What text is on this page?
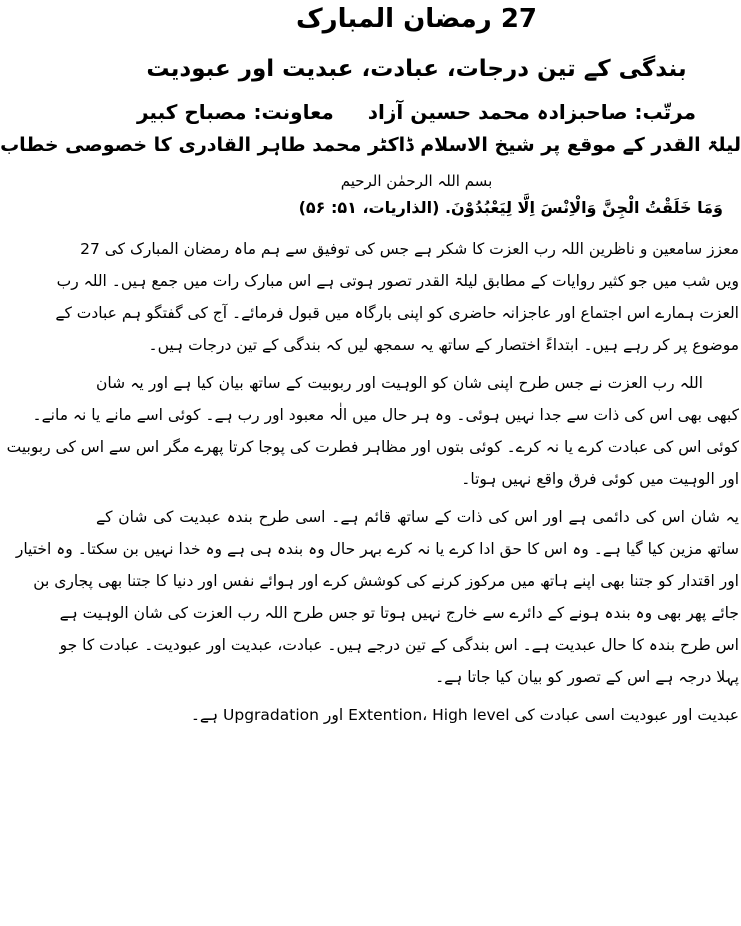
27 رمضان المبارک

بندگی کے تین درجات، عبادت، عبدیت اور عبودیت

مرتّب: صاحبزادہ محمد حسین آزادمعاونت: مصباح کبیر

لیلۃ القدر کے موقع پر شیخ الاسلام ڈاکٹر محمد طاہر القادری کا خصوصی خطاب

بسم اللہ الرحمٰن الرحیم

وَمَا خَلَقْتُ الْجِنَّ وَالْاِنْسَ اِلَّا لِيَعْبُدُوْنَ. (الذاریات، ۵۱: ۵۶)

معزز سامعین و ناظرین اللہ رب العزت کا شکر ہے جس کی توفیق سے ہم ماہ رمضان المبارک کی 27
ویں شب میں جو کثیر روایات کے مطابق لیلۃ القدر تصور ہوتی ہے اس مبارک رات میں جمع ہیں۔ اللہ رب
العزت ہمارے اس اجتماع اور عاجزانہ حاضری کو اپنی بارگاہ میں قبول فرمائے۔ آج کی گفتگو ہم عبادت کے
موضوع پر کر رہے ہیں۔ ابتداءً اختصار کے ساتھ یہ سمجھ لیں کہ بندگی کے تین درجات ہیں۔
اللہ رب العزت نے جس طرح اپنی شان کو الوہیت اور ربوبیت کے ساتھ بیان کیا ہے اور یہ شان
کبھی بھی اس کی ذات سے جدا نہیں ہوئی۔ وہ ہر حال میں الٰہ معبود اور رب ہے۔ کوئی اسے مانے یا نہ مانے۔
کوئی اس کی عبادت کرے یا نہ کرے۔ کوئی بتوں اور مظاہر فطرت کی پوجا کرتا پھرے مگر اس سے اس کی ربوبیت
اور الوہیت میں کوئی فرق واقع نہیں ہوتا۔
یہ شان اس کی دائمی ہے اور اس کی ذات کے ساتھ قائم ہے۔ اسی طرح بندہ عبدیت کی شان کے
ساتھ مزین کیا گیا ہے۔ وہ اس کا حق ادا کرے یا نہ کرے بہر حال وہ بندہ ہی ہے وہ خدا نہیں بن سکتا۔ وہ اختیار
اور اقتدار کو جتنا بھی اپنے ہاتھ میں مرکوز کرنے کی کوشش کرے اور ہوائے نفس اور دنیا کا جتنا بھی پجاری بن
جائے پھر بھی وہ بندہ ہونے کے دائرے سے خارج نہیں ہوتا تو جس طرح اللہ رب العزت کی شان الوہیت ہے
اس طرح بندہ کا حال عبدیت ہے۔ اس بندگی کے تین درجے ہیں۔ عبادت، عبدیت اور عبودیت۔ عبادت کا جو
پہلا درجہ ہے اس کے تصور کو بیان کیا جاتا ہے۔
عبدیت اور عبودیت اسی عبادت کی Extention، High level اور Upgradation ہے۔
